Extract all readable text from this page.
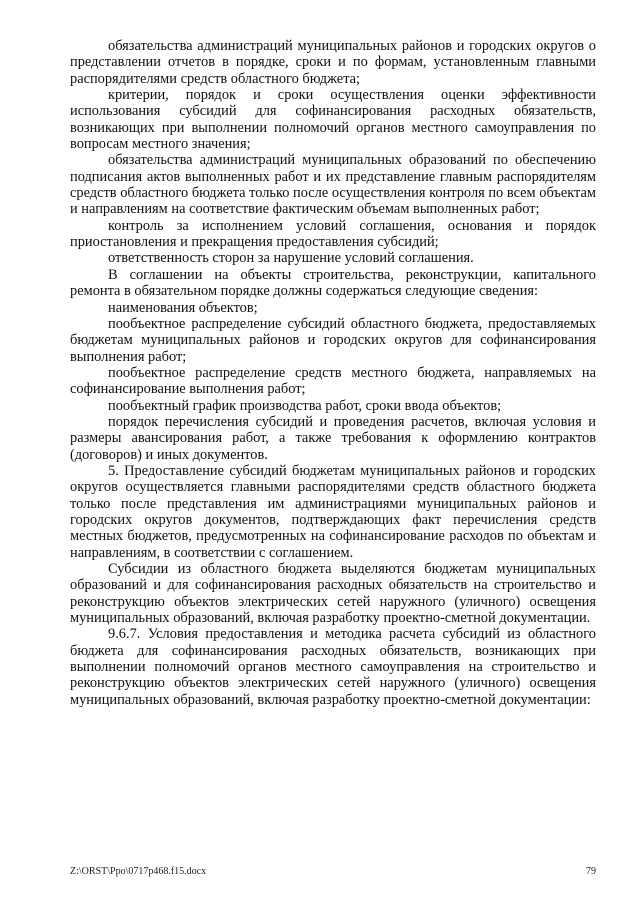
обязательства администраций муниципальных районов и городских округов о представлении отчетов в порядке, сроки и по формам, установленным главными распорядителями средств областного бюджета;

критерии, порядок и сроки осуществления оценки эффективности использования субсидий для софинансирования расходных обязательств, возникающих при выполнении полномочий органов местного самоуправления по вопросам местного значения;

обязательства администраций муниципальных образований по обеспечению подписания актов выполненных работ и их представление главным распорядителям средств областного бюджета только после осуществления контроля по всем объектам и направлениям на соответствие фактическим объемам выполненных работ;

контроль за исполнением условий соглашения, основания и порядок приостановления и прекращения предоставления субсидий;

ответственность сторон за нарушение условий соглашения.

В соглашении на объекты строительства, реконструкции, капитального ремонта в обязательном порядке должны содержаться следующие сведения:

наименования объектов;

пообъектное распределение субсидий областного бюджета, предоставляемых бюджетам муниципальных районов и городских округов для софинансирования выполнения работ;

пообъектное распределение средств местного бюджета, направляемых на софинансирование выполнения работ;

пообъектный график производства работ, сроки ввода объектов;

порядок перечисления субсидий и проведения расчетов, включая условия и размеры авансирования работ, а также требования к оформлению контрактов (договоров) и иных документов.

5. Предоставление субсидий бюджетам муниципальных районов и городских округов осуществляется главными распорядителями средств областного бюджета только после представления им администрациями муниципальных районов и городских округов документов, подтверждающих факт перечисления средств местных бюджетов, предусмотренных на софинансирование расходов по объектам и направлениям, в соответствии с соглашением.

Субсидии из областного бюджета выделяются бюджетам муниципальных образований и для софинансирования расходных обязательств на строительство и реконструкцию объектов электрических сетей наружного (уличного) освещения муниципальных образований, включая разработку проектно-сметной документации.

9.6.7. Условия предоставления и методика расчета субсидий из областного бюджета для софинансирования расходных обязательств, возникающих при выполнении полномочий органов местного самоуправления на строительство и реконструкцию объектов электрических сетей наружного (уличного) освещения муниципальных образований, включая разработку проектно-сметной документации:

Z:\ORST\Ppo\0717p468.f15.docx	79
